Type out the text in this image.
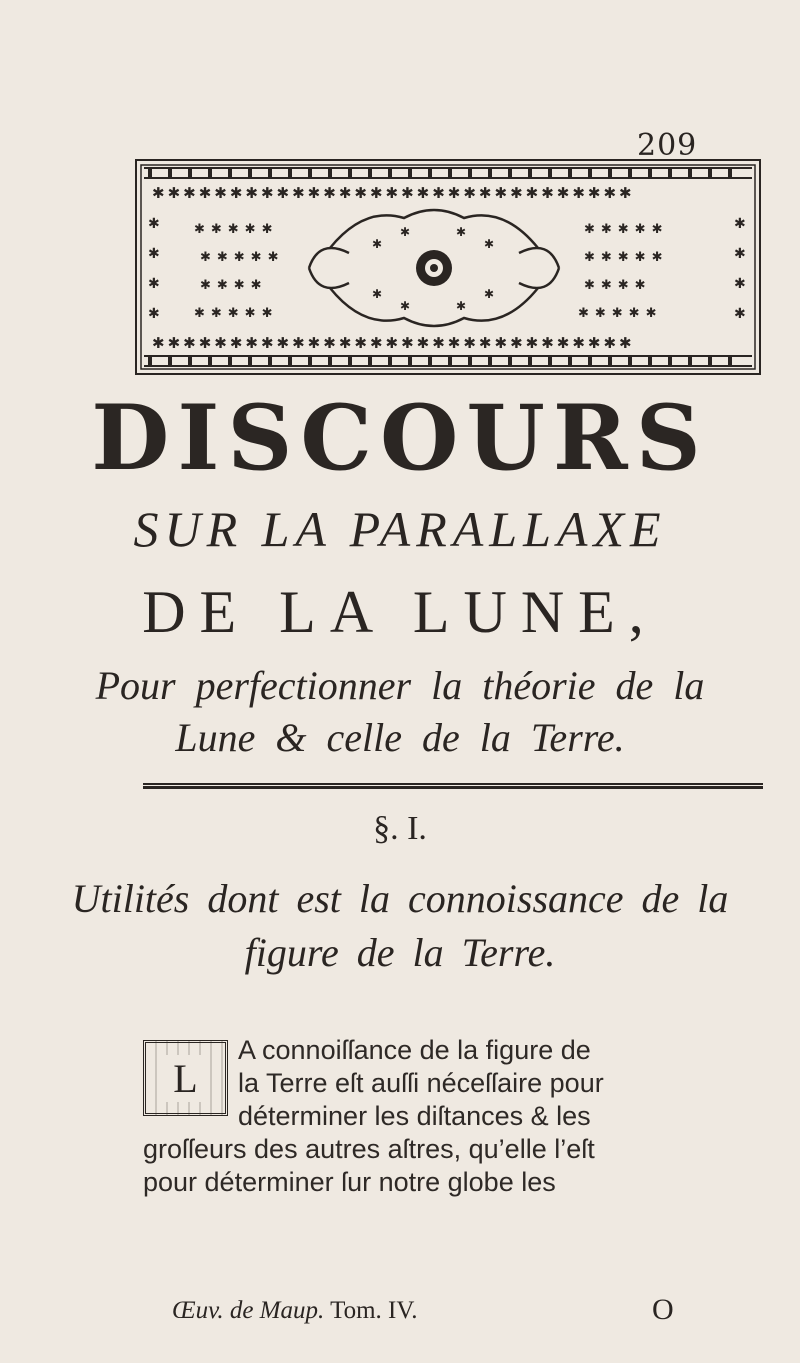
209
✱✱✱✱✱✱✱✱✱✱✱✱✱✱✱✱✱✱✱✱✱✱✱✱✱✱✱✱✱✱✱
✱✱✱✱✱✱✱✱✱✱✱✱✱✱✱✱✱✱✱✱✱✱✱✱✱✱✱✱✱✱✱
✱
✱
✱
✱
✱
✱
✱
✱
✱✱✱✱✱
✱✱✱✱✱
✱✱✱✱
✱✱✱✱✱
✱✱✱✱✱
✱✱✱✱✱
✱✱✱✱
✱✱✱✱✱
✱	✱
✱	✱
✱	✱
✱	✱
DISCOURS
SUR LA PARALLAXE
DE LA LUNE,
Pour perfectionner la théorie de la
Lune & celle de la Terre.
§. I.
Utilités dont est la connoissance de la
figure de la Terre.
L
A connoiſſance de la figure de
la Terre eſt auſſi néceſſaire pour
déterminer les diſtances & les
groſſeurs des autres aſtres, qu’elle l’eſt
pour déterminer ſur notre globe les
Œuv. de Maup. Tom. IV.	O
